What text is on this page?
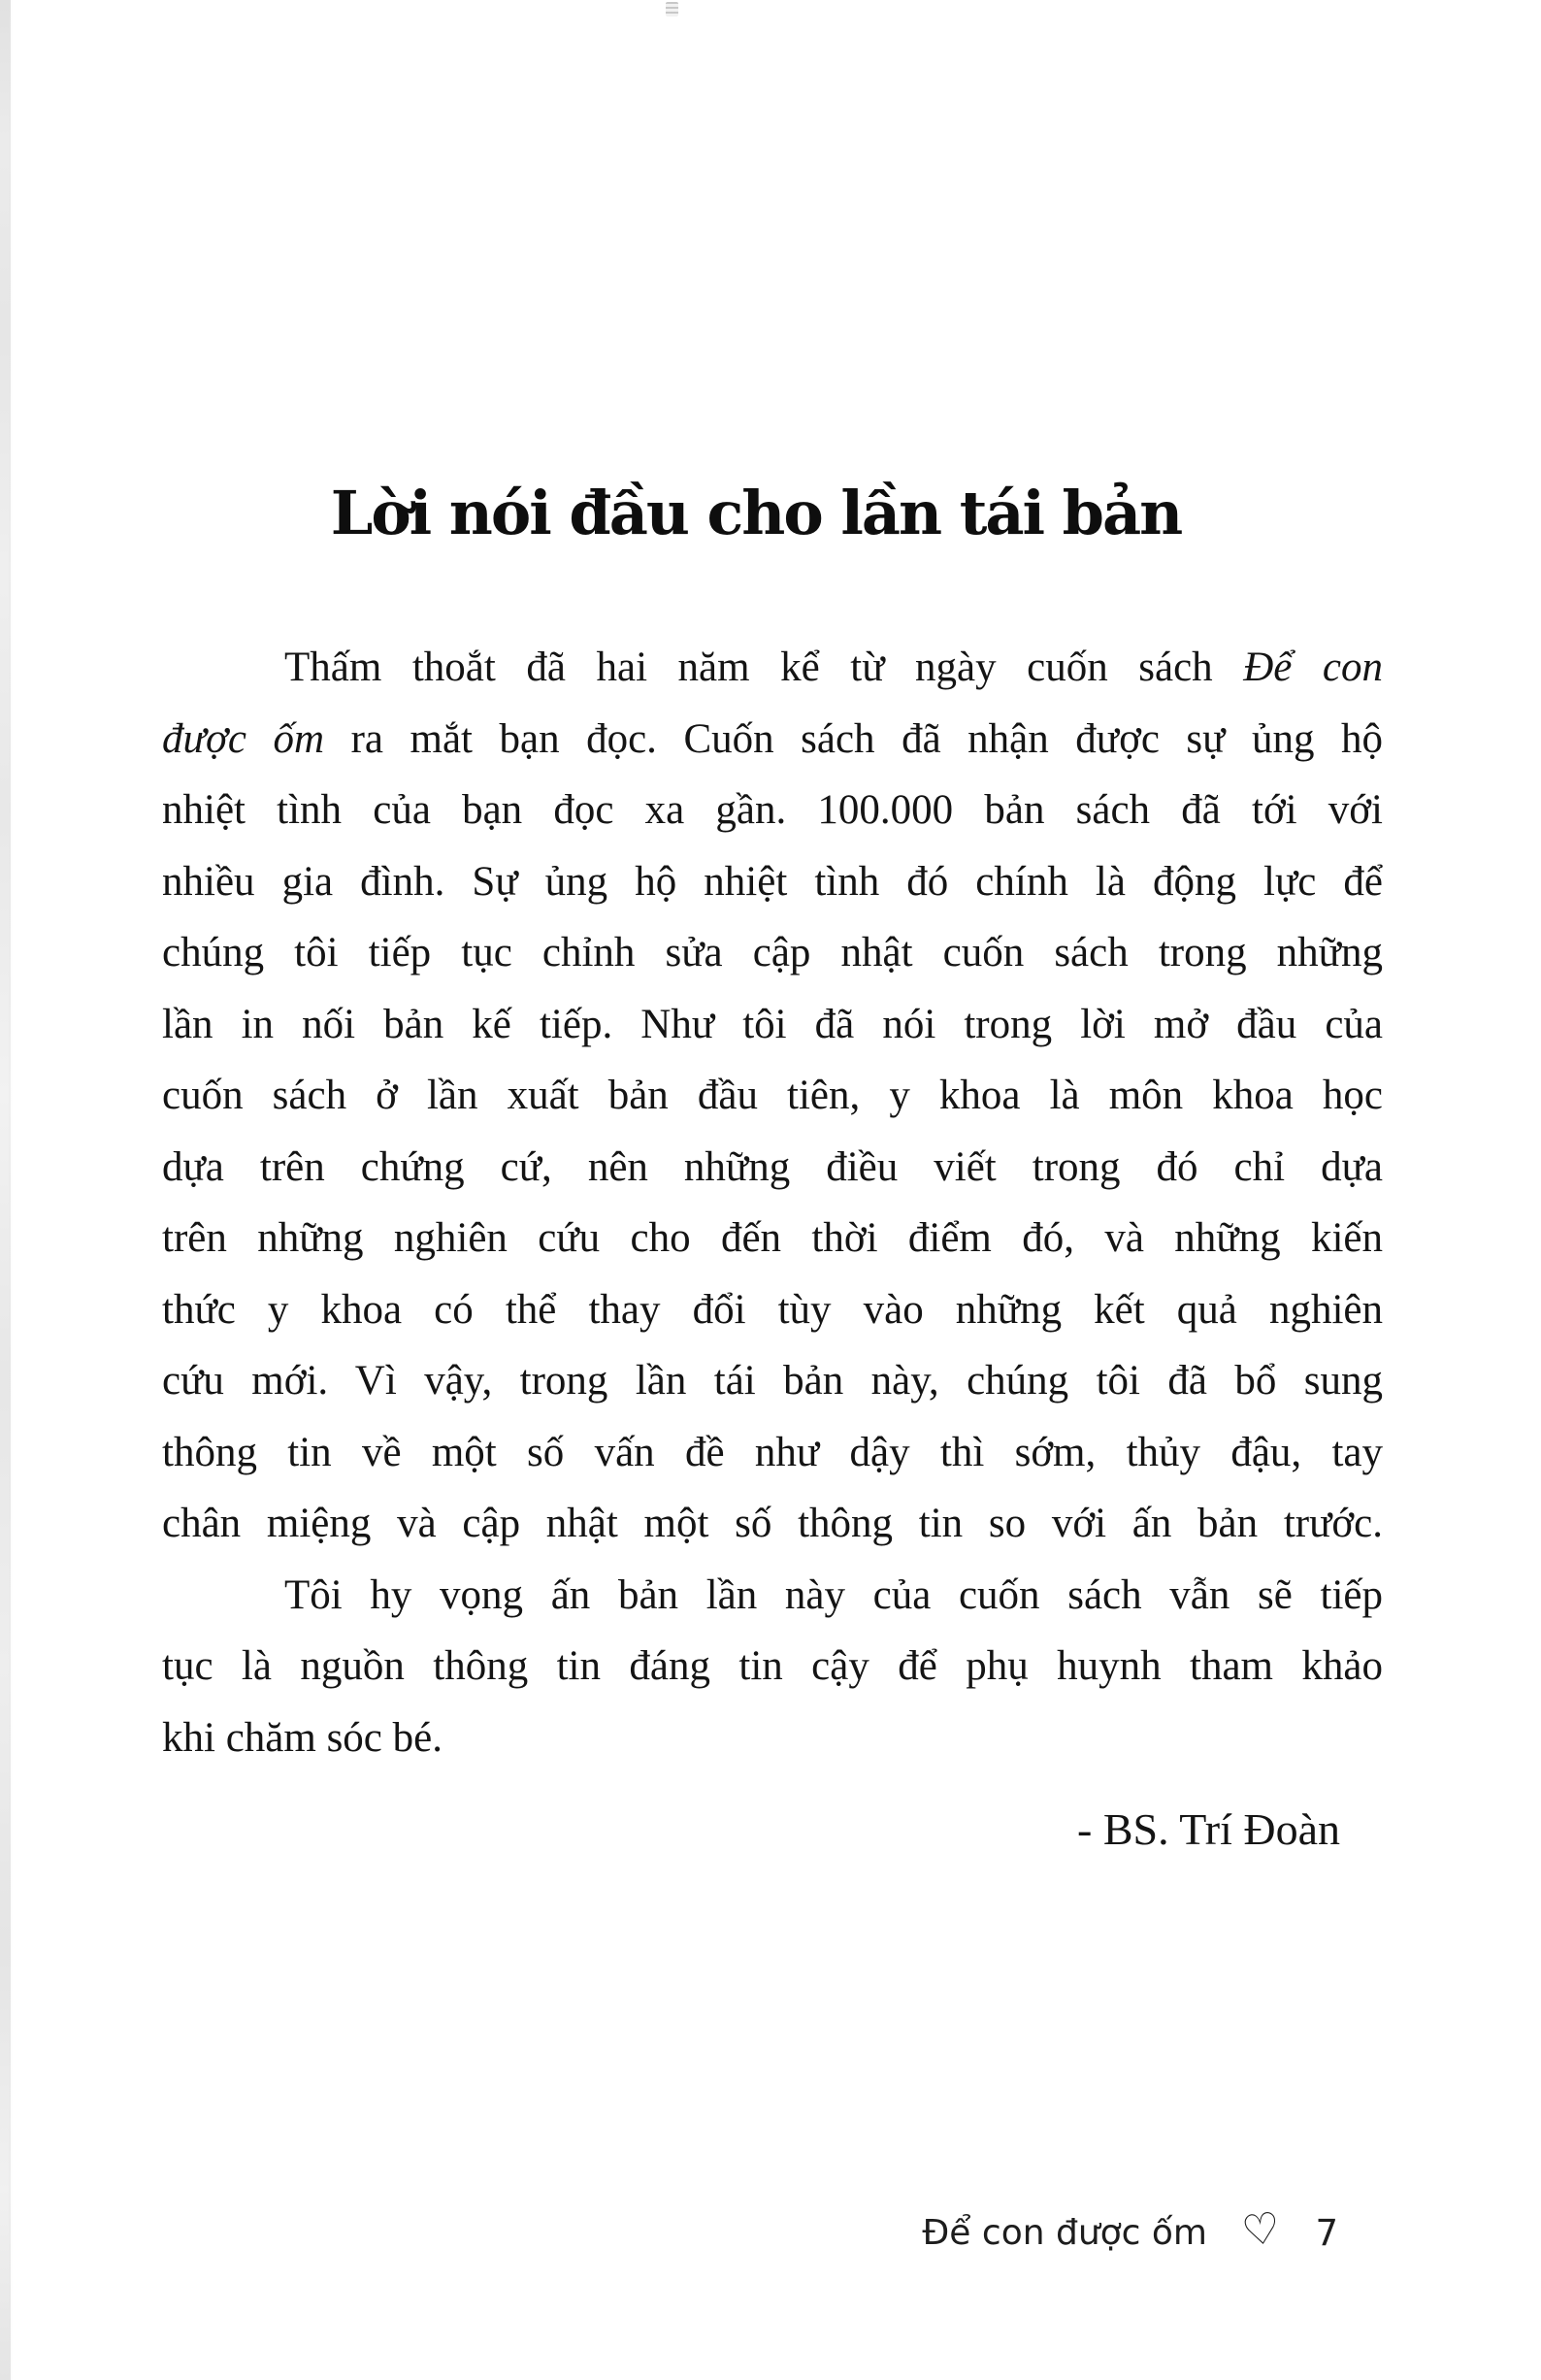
Lời nói đầu cho lần tái bản
Thấm thoắt đã hai năm kể từ ngày cuốn sách Để con
được ốm ra mắt bạn đọc. Cuốn sách đã nhận được sự ủng hộ
nhiệt tình của bạn đọc xa gần. 100.000 bản sách đã tới với
nhiều gia đình. Sự ủng hộ nhiệt tình đó chính là động lực để
chúng tôi tiếp tục chỉnh sửa cập nhật cuốn sách trong những
lần in nối bản kế tiếp. Như tôi đã nói trong lời mở đầu của
cuốn sách ở lần xuất bản đầu tiên, y khoa là môn khoa học
dựa trên chứng cứ, nên những điều viết trong đó chỉ dựa
trên những nghiên cứu cho đến thời điểm đó, và những kiến
thức y khoa có thể thay đổi tùy vào những kết quả nghiên
cứu mới. Vì vậy, trong lần tái bản này, chúng tôi đã bổ sung
thông tin về một số vấn đề như dậy thì sớm, thủy đậu, tay
chân miệng và cập nhật một số thông tin so với ấn bản trước.
Tôi hy vọng ấn bản lần này của cuốn sách vẫn sẽ tiếp
tục là nguồn thông tin đáng tin cậy để phụ huynh tham khảo
khi chăm sóc bé.
- BS. Trí Đoàn
Để con được ốm ♡ 7
